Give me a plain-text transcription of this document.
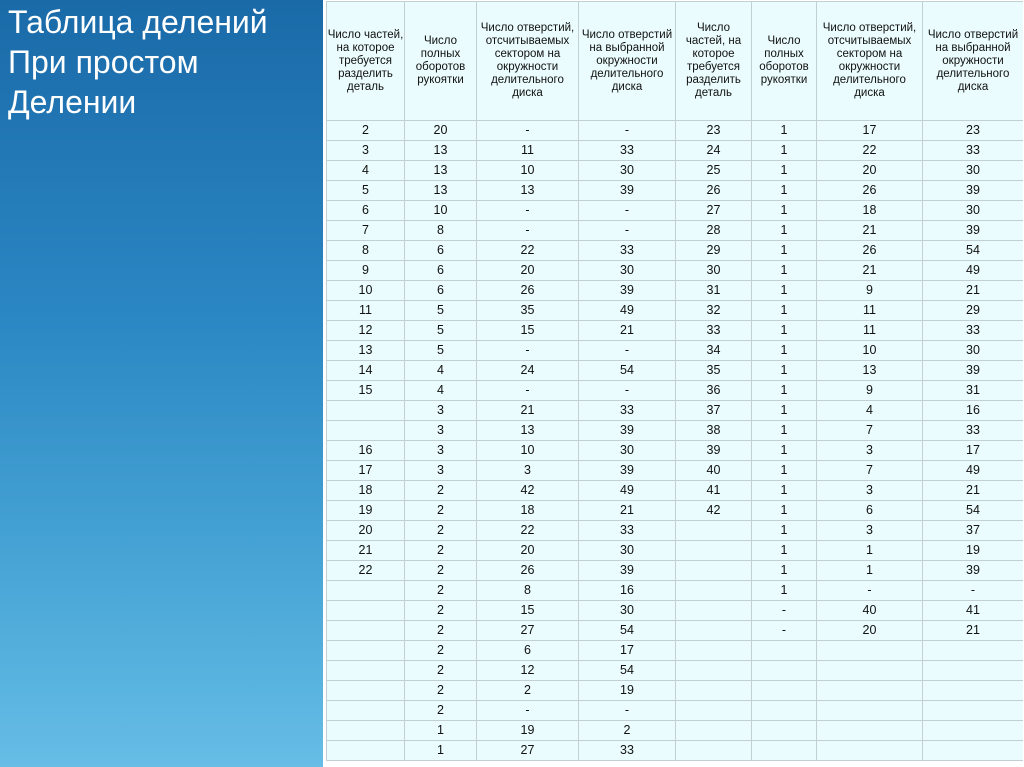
Таблица делений
При простом
Делении
Число частей, на которое требуется разделить деталь	Число полных оборотов рукоятки	Число отверстий, отсчитываемых сектором на окружности делительного диска	Число отверстий на выбранной окружности делительного диска	Число частей, на которое требуется разделить деталь	Число полных оборотов рукоятки	Число отверстий, отсчитываемых сектором на окружности делительного диска	Число отверстий на выбранной окружности делительного диска
2	20	-	-	23	1	17	23
3	13	11	33	24	1	22	33
4	13	10	30	25	1	20	30
5	13	13	39	26	1	26	39
6	10	-	-	27	1	18	30
7	8	-	-	28	1	21	39
8	6	22	33	29	1	26	54
9	6	20	30	30	1	21	49
10	6	26	39	31	1	9	21
11	5	35	49	32	1	11	29
12	5	15	21	33	1	11	33
13	5	-	-	34	1	10	30
14	4	24	54	35	1	13	39
15	4	-	-	36	1	9	31
	3	21	33	37	1	4	16
	3	13	39	38	1	7	33
16	3	10	30	39	1	3	17
17	3	3	39	40	1	7	49
18	2	42	49	41	1	3	21
19	2	18	21	42	1	6	54
20	2	22	33		1	3	37
21	2	20	30		1	1	19
22	2	26	39		1	1	39
	2	8	16		1	-	-
	2	15	30		-	40	41
	2	27	54		-	20	21
	2	6	17				
	2	12	54				
	2	2	19				
	2	-	-				
	1	19	2				
	1	27	33				
